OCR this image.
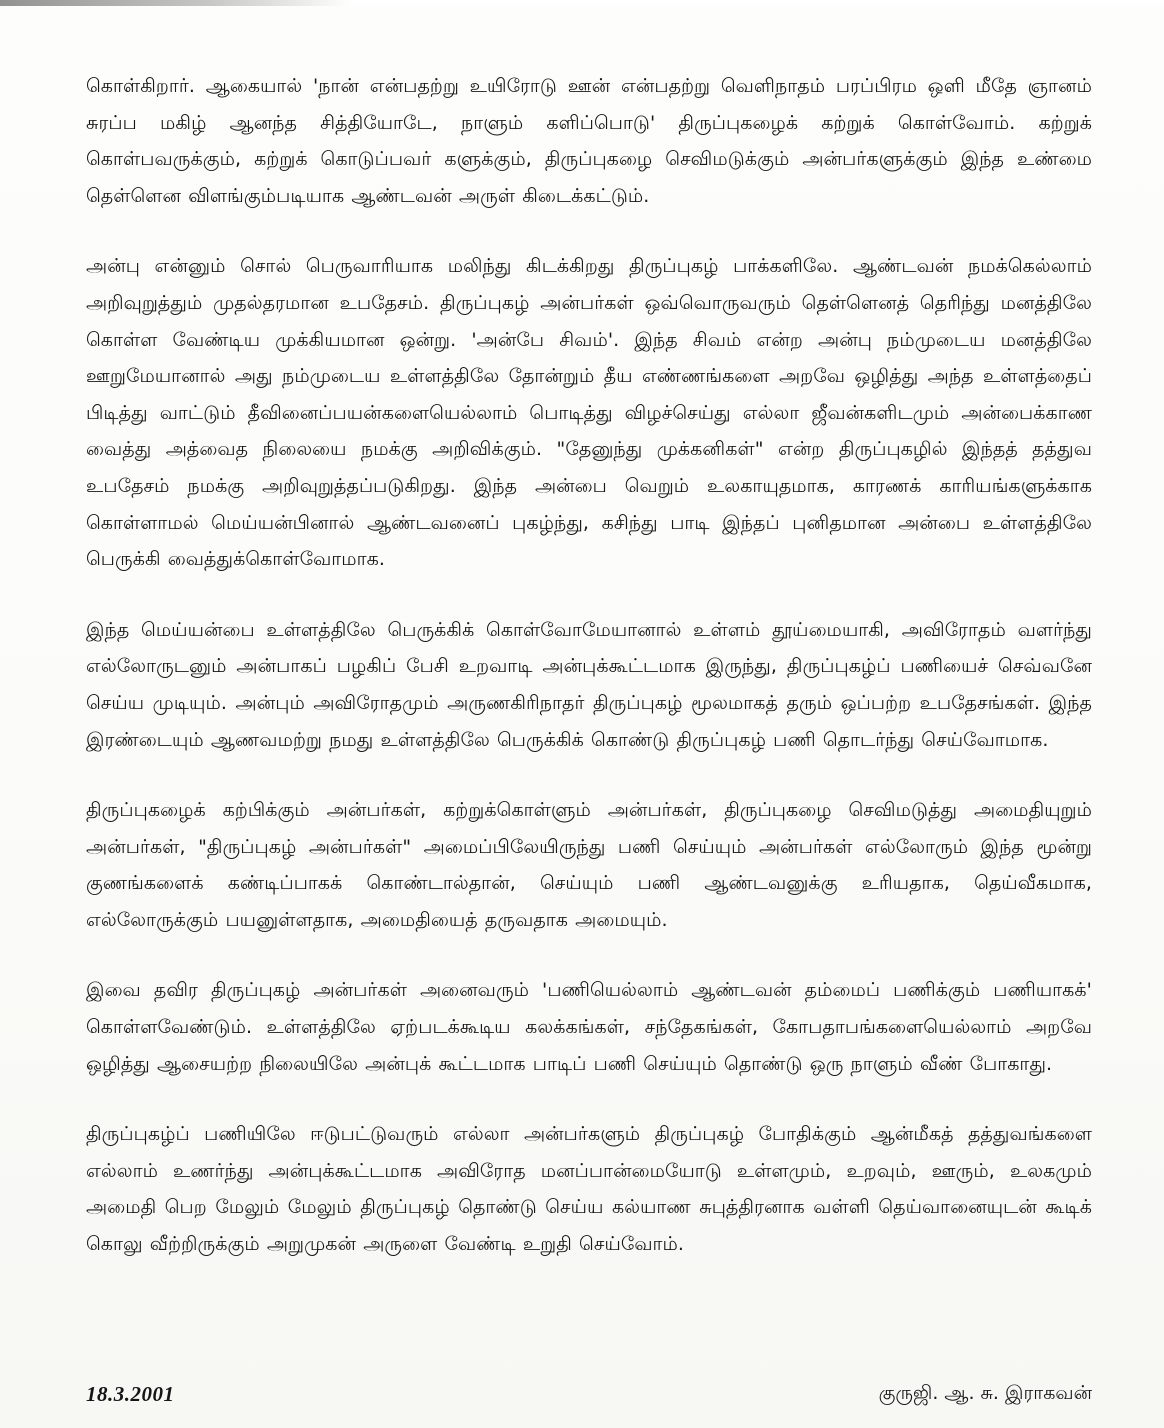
கொள்கிறார். ஆகையால் 'நான் என்பதற்று உயிரோடு ஊன் என்பதற்று வெளிநாதம் பரப்பிரம ஒளி மீதே ஞானம் சுரப்ப மகிழ் ஆனந்த சித்தியோடே, நாளும் களிப்பொடு' திருப்புகழைக் கற்றுக் கொள்வோம். கற்றுக் கொள்பவருக்கும், கற்றுக் கொடுப்பவர் களுக்கும், திருப்புகழை செவிமடுக்கும் அன்பர்களுக்கும் இந்த உண்மை தெள்ளென விளங்கும்படியாக ஆண்டவன் அருள் கிடைக்கட்டும்.

அன்பு என்னும் சொல் பெருவாரியாக மலிந்து கிடக்கிறது திருப்புகழ் பாக்களிலே. ஆண்டவன் நமக்கெல்லாம் அறிவுறுத்தும் முதல்தரமான உபதேசம். திருப்புகழ் அன்பர்கள் ஒவ்வொருவரும் தெள்ளெனத் தெரிந்து மனத்திலே கொள்ள வேண்டிய முக்கியமான ஒன்று. 'அன்பே சிவம்'. இந்த சிவம் என்ற அன்பு நம்முடைய மனத்திலே ஊறுமேயானால் அது நம்முடைய உள்ளத்திலே தோன்றும் தீய எண்ணங்களை அறவே ஒழித்து அந்த உள்ளத்தைப் பிடித்து வாட்டும் தீவினைப்பயன்களையெல்லாம் பொடித்து விழச்செய்து எல்லா ஜீவன்களிடமும் அன்பைக்காண வைத்து அத்வைத நிலையை நமக்கு அறிவிக்கும். "தேனுந்து முக்கனிகள்" என்ற திருப்புகழில் இந்தத் தத்துவ உபதேசம் நமக்கு அறிவுறுத்தப்படுகிறது. இந்த அன்பை வெறும் உலகாயுதமாக, காரணக் காரியங்களுக்காக கொள்ளாமல் மெய்யன்பினால் ஆண்டவனைப் புகழ்ந்து, கசிந்து பாடி இந்தப் புனிதமான அன்பை உள்ளத்திலே பெருக்கி வைத்துக்கொள்வோமாக.

இந்த மெய்யன்பை உள்ளத்திலே பெருக்கிக் கொள்வோமேயானால் உள்ளம் தூய்மையாகி, அவிரோதம் வளர்ந்து எல்லோருடனும் அன்பாகப் பழகிப் பேசி உறவாடி அன்புக்கூட்டமாக இருந்து, திருப்புகழ்ப் பணியைச் செவ்வனே செய்ய முடியும். அன்பும் அவிரோதமும் அருணகிரிநாதர் திருப்புகழ் மூலமாகத் தரும் ஒப்பற்ற உபதேசங்கள். இந்த இரண்டையும் ஆணவமற்று நமது உள்ளத்திலே பெருக்கிக் கொண்டு திருப்புகழ் பணி தொடர்ந்து செய்வோமாக.

திருப்புகழைக் கற்பிக்கும் அன்பர்கள், கற்றுக்கொள்ளும் அன்பர்கள், திருப்புகழை செவிமடுத்து அமைதியுறும் அன்பர்கள், "திருப்புகழ் அன்பர்கள்" அமைப்பிலேயிருந்து பணி செய்யும் அன்பர்கள் எல்லோரும் இந்த மூன்று குணங்களைக் கண்டிப்பாகக் கொண்டால்தான், செய்யும் பணி ஆண்டவனுக்கு உரியதாக, தெய்வீகமாக, எல்லோருக்கும் பயனுள்ளதாக, அமைதியைத் தருவதாக அமையும்.

இவை தவிர திருப்புகழ் அன்பர்கள் அனைவரும் 'பணியெல்லாம் ஆண்டவன் தம்மைப் பணிக்கும் பணியாகக்' கொள்ளவேண்டும். உள்ளத்திலே ஏற்படக்கூடிய கலக்கங்கள், சந்தேகங்கள், கோபதாபங்களையெல்லாம் அறவே ஒழித்து ஆசையற்ற நிலையிலே அன்புக் கூட்டமாக பாடிப் பணி செய்யும் தொண்டு ஒரு நாளும் வீண் போகாது.

திருப்புகழ்ப் பணியிலே ஈடுபட்டுவரும் எல்லா அன்பர்களும் திருப்புகழ் போதிக்கும் ஆன்மீகத் தத்துவங்களை எல்லாம் உணர்ந்து அன்புக்கூட்டமாக அவிரோத மனப்பான்மையோடு உள்ளமும், உறவும், ஊரும், உலகமும் அமைதி பெற மேலும் மேலும் திருப்புகழ் தொண்டு செய்ய கல்யாண சுபுத்திரனாக வள்ளி தெய்வானையுடன் கூடிக் கொலு வீற்றிருக்கும் அறுமுகன் அருளை வேண்டி உறுதி செய்வோம்.

18.3.2001	குருஜி. ஆ. சு. இராகவன்
